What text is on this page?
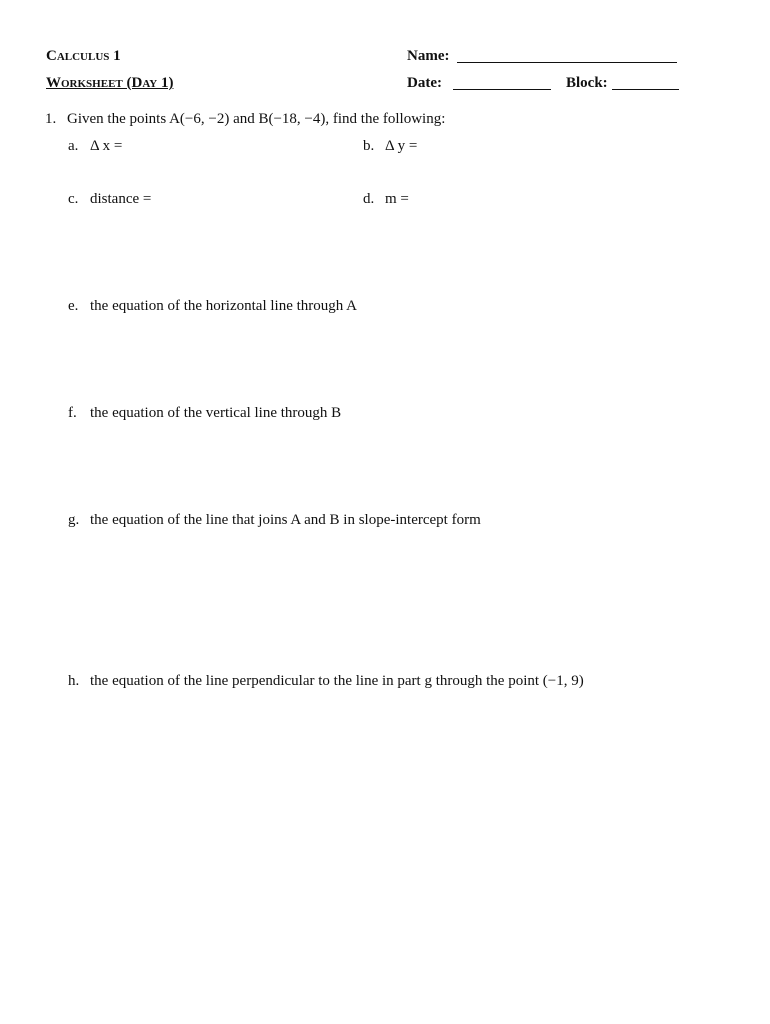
Calculus 1
Worksheet (Day 1)
Name:
Date:	Block:
1. Given the points A(−6, −2) and B(−18, −4), find the following:
a. Δ x =	b. Δ y =
c. distance =	d. m =
e. the equation of the horizontal line through A
f. the equation of the vertical line through B
g. the equation of the line that joins A and B in slope-intercept form
h. the equation of the line perpendicular to the line in part g through the point (−1, 9)
